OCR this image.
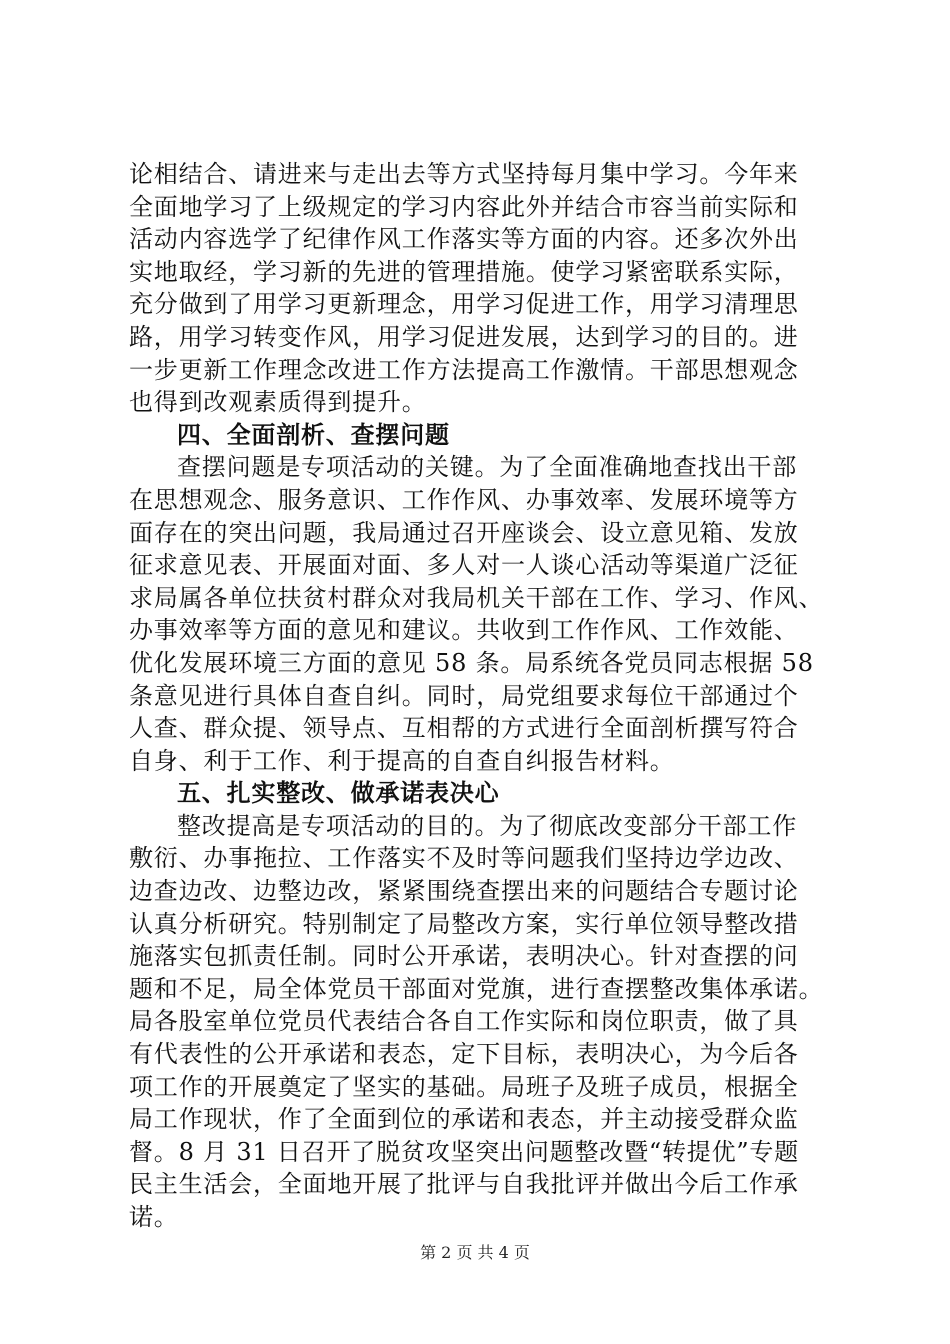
论相结合、请进来与走出去等方式坚持每月集中学习。今年来
全面地学习了上级规定的学习内容此外并结合市容当前实际和
活动内容选学了纪律作风工作落实等方面的内容。还多次外出
实地取经，学习新的先进的管理措施。使学习紧密联系实际，
充分做到了用学习更新理念，用学习促进工作，用学习清理思
路，用学习转变作风，用学习促进发展，达到学习的目的。进
一步更新工作理念改进工作方法提高工作激情。干部思想观念
也得到改观素质得到提升。
四、全面剖析、查摆问题
查摆问题是专项活动的关键。为了全面准确地查找出干部
在思想观念、服务意识、工作作风、办事效率、发展环境等方
面存在的突出问题，我局通过召开座谈会、设立意见箱、发放
征求意见表、开展面对面、多人对一人谈心活动等渠道广泛征
求局属各单位扶贫村群众对我局机关干部在工作、学习、作风、
办事效率等方面的意见和建议。共收到工作作风、工作效能、
优化发展环境三方面的意见 58 条。局系统各党员同志根据 58
条意见进行具体自查自纠。同时，局党组要求每位干部通过个
人查、群众提、领导点、互相帮的方式进行全面剖析撰写符合
自身、利于工作、利于提高的自查自纠报告材料。
五、扎实整改、做承诺表决心
整改提高是专项活动的目的。为了彻底改变部分干部工作
敷衍、办事拖拉、工作落实不及时等问题我们坚持边学边改、
边查边改、边整边改，紧紧围绕查摆出来的问题结合专题讨论
认真分析研究。特别制定了局整改方案，实行单位领导整改措
施落实包抓责任制。同时公开承诺，表明决心。针对查摆的问
题和不足，局全体党员干部面对党旗，进行查摆整改集体承诺。
局各股室单位党员代表结合各自工作实际和岗位职责，做了具
有代表性的公开承诺和表态，定下目标，表明决心，为今后各
项工作的开展奠定了坚实的基础。局班子及班子成员，根据全
局工作现状，作了全面到位的承诺和表态，并主动接受群众监
督。8 月 31 日召开了脱贫攻坚突出问题整改暨“转提优”专题
民主生活会，全面地开展了批评与自我批评并做出今后工作承
诺。
第 2 页 共 4 页
